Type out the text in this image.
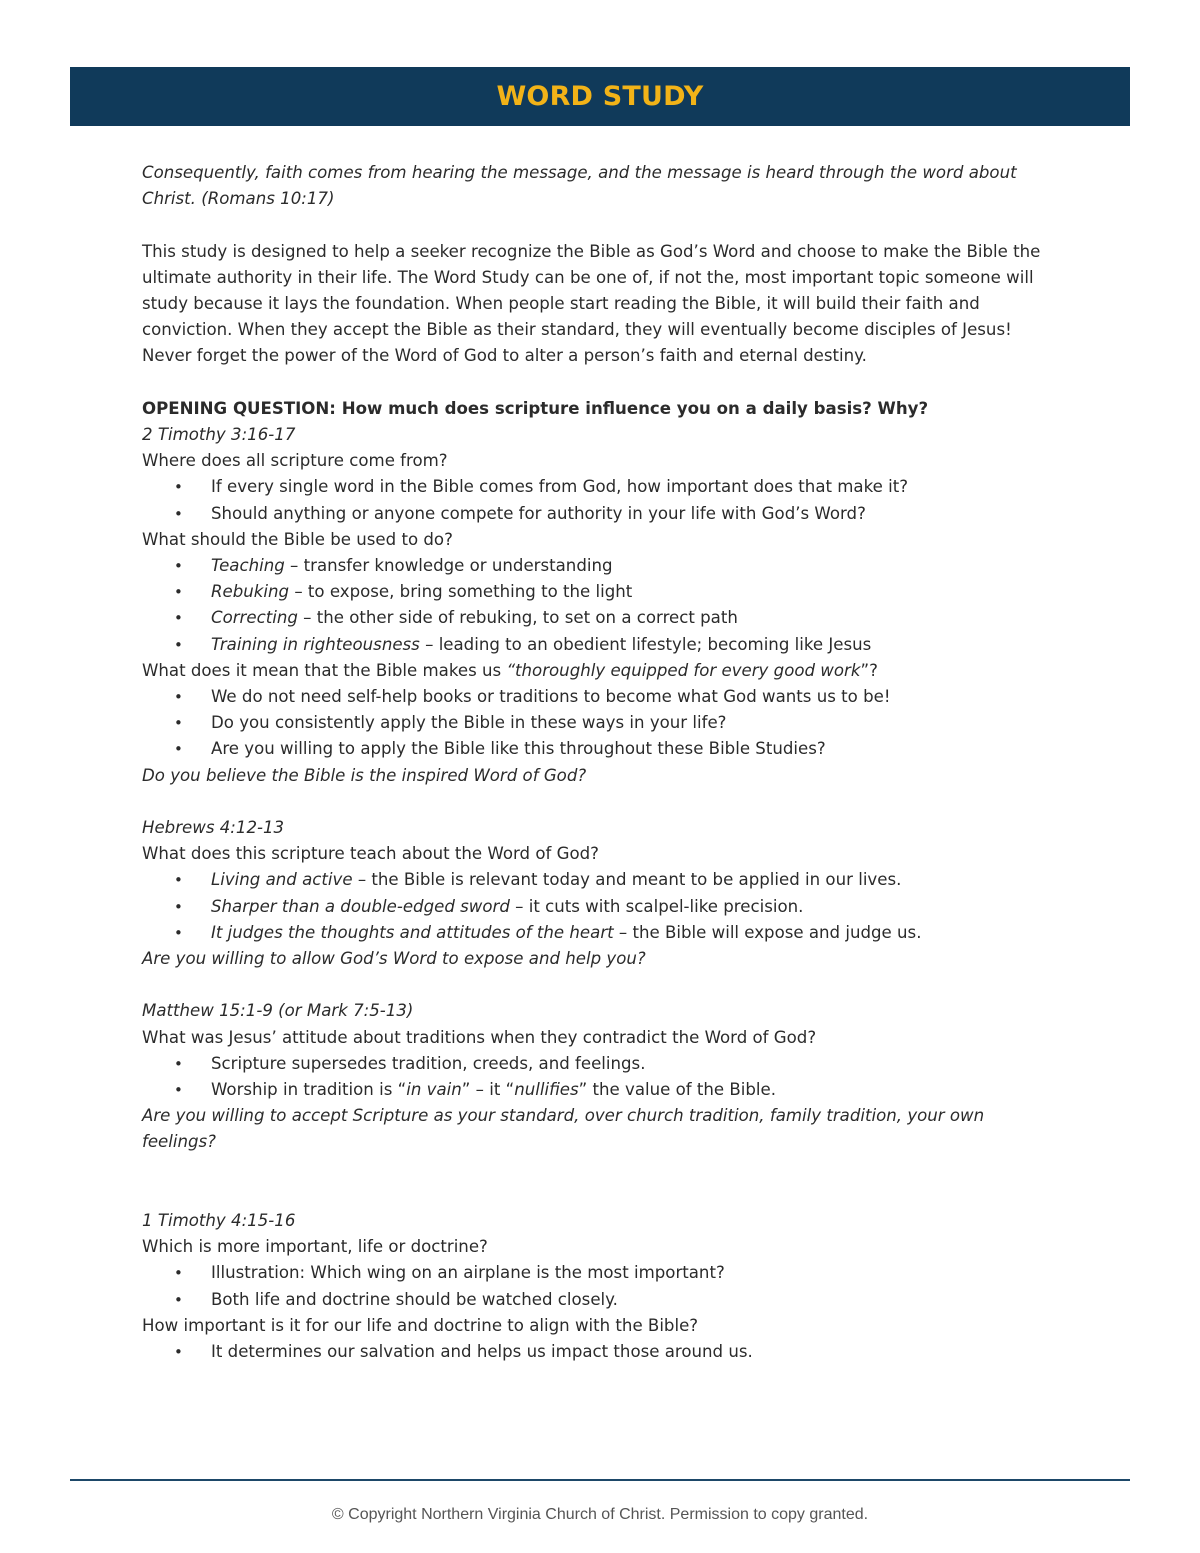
WORD STUDY

Consequently, faith comes from hearing the message, and the message is heard through the word about Christ. (Romans 10:17)

This study is designed to help a seeker recognize the Bible as God’s Word and choose to make the Bible the ultimate authority in their life. The Word Study can be one of, if not the, most important topic someone will study because it lays the foundation. When people start reading the Bible, it will build their faith and conviction. When they accept the Bible as their standard, they will eventually become disciples of Jesus! Never forget the power of the Word of God to alter a person’s faith and eternal destiny.

OPENING QUESTION: How much does scripture influence you on a daily basis? Why?

2 Timothy 3:16-17

Where does all scripture come from?

• If every single word in the Bible comes from God, how important does that make it?
• Should anything or anyone compete for authority in your life with God’s Word?

What should the Bible be used to do?

• Teaching – transfer knowledge or understanding
• Rebuking – to expose, bring something to the light
• Correcting – the other side of rebuking, to set on a correct path
• Training in righteousness – leading to an obedient lifestyle; becoming like Jesus

What does it mean that the Bible makes us “thoroughly equipped for every good work”?

• We do not need self-help books or traditions to become what God wants us to be!
• Do you consistently apply the Bible in these ways in your life?
• Are you willing to apply the Bible like this throughout these Bible Studies?

Do you believe the Bible is the inspired Word of God?

Hebrews 4:12-13

What does this scripture teach about the Word of God?

• Living and active – the Bible is relevant today and meant to be applied in our lives.
• Sharper than a double-edged sword – it cuts with scalpel-like precision.
• It judges the thoughts and attitudes of the heart – the Bible will expose and judge us.

Are you willing to allow God’s Word to expose and help you?

Matthew 15:1-9 (or Mark 7:5-13)

What was Jesus’ attitude about traditions when they contradict the Word of God?

• Scripture supersedes tradition, creeds, and feelings.
• Worship in tradition is “in vain” – it “nullifies” the value of the Bible.

Are you willing to accept Scripture as your standard, over church tradition, family tradition, your own feelings?

1 Timothy 4:15-16

Which is more important, life or doctrine?

• Illustration: Which wing on an airplane is the most important?
• Both life and doctrine should be watched closely.

How important is it for our life and doctrine to align with the Bible?

• It determines our salvation and helps us impact those around us.
© Copyright Northern Virginia Church of Christ. Permission to copy granted.
